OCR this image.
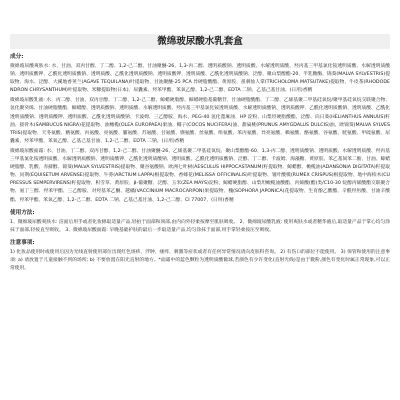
微绵玻尿酸水乳套盒
成分:

微绵玻尿酸爽肤水: 水、甘油、双丙甘醇、丁二醇、1,2-己二醇、甘油聚醚-26、1,3-丙二醇、透明质酸钠、透明质酸、水解透明质酸、羟丙基三甲基氯化铵透明质酸、水解透明质酸钠、透明质酸钾、乙酰化透明质酸钠、透明质酸、乙酰化透明质酸钠、透明质酸钾、透明质酸、乙酰化透明质酸钠、泛醇、聚山梨醇酯-20、半乳糖酶、锦葵(MALVA SYLVESTRIS)提取物、海水、泛醇、大溪地香荚兰(AGAVE TEQUILANA)叶提取物、甘油聚醚-25 PCA 异硬脂酸酯、黄原胶、扭刺仙人掌(TRICHOLOMA MATSUTAKE)提取物、牛皮茶(RHODODENDRON CHRYSANTHUM)叶提取物、米糠提取物(日本)、尿囊素、羟苯甲酯、苯氧乙醇、1,2-己二醇、EDTA 二钠、乙基己基甘油、(日用)香精

微绵玻尿酸乳液: 水、丙二醇、甘油、双丙甘醇、丁二醇、1,2-己二醇、鲸蜡硬脂醇、鲸蜡硬脂基葡糖苷、甘油硬脂酸酯、丁二醇、乙烯基聚二甲基硅氧烷/聚甲基硅氧烷交联聚合物、氢化聚癸烯、甘油硬脂酸酯、鲸蜡醇、透明质酸钠、透明质酸、水解透明质酸、羟丙基三甲基氯化铵透明质酸、水解透明质酸钠、透明质酸钾、乙酰化透明质酸钠、透明质酸、乙酰化透明质酸钠、透明质酸钾、透明质酸、乙酰化透明质酸钠、卡波姆、三乙醇胺、海水、PEG-40 氢化蓖麻油、HP 淀粉、山梨坦硬脂酸酯、泛醇、向日葵(HELIANTHUS ANNUUS)籽油、接骨木(SAMBUCUS NIGRA)花提取物、油橄榄(OLEA EUROPAEA)果油、椰子(COCOS NUCIFERA)油、甜扁桃(PRUNUS AMYGDALUS DULCIS)油、欧锦葵(MALVA SYLVESTRIS)提取物、天冬氨酸、精氨酸、丙氨酸、亮氨酸、脯氨酸、苏氨酸、甘氨酸、缬氨酸、丝氨酸、组氨酸、苯丙氨酸、异亮氨酸、赖氨酸、酪氨酸、谷氨酸、胱氨酸、甲硫氨酸、尿囊素、羟苯甲酯、苯氧乙醇、乙基己基甘油、1,2-己二醇、EDTA 二钠、(日用)香精

微绵玻尿酸面霜: 水、甘油、丁二醇、双丙甘醇、1,2-己二醇、甘油聚醚-26、乙烯基聚二甲基硅氧烷、聚山梨醇酯-60、1,3-丙二醇、透明质酸钠、透明质酸、水解透明质酸、羟丙基三甲基氯化铵透明质酸、水解透明质酸钠、透明质酸钾、乙酰化透明质酸钠、透明质酸、乙酰化透明质酸钠、泛醇、丁二醇、卡波姆、海藻糖、黄原胶、苯乙基间苯二酚、甘油、鲸蜡硬脂醇、乳酸、赤藓醇、锦葵(MALVA SYLVESTRIS)提取物、聚谷氨酸钠、欧洲七叶树(AESCULUS HIPPOCASTANUM)籽提取物、鲸蜡醇、橄榄油(ADANSONIA DIGITATA)籽提取物、问荆(EQUISETUM ARVENSE)提取物、牛蒡(ARCTIUM LAPPA)根提取物、香蜂花(MELISSA OFFICINALIS)叶提取物、皱叶酸模(RUMEX CRISPUS)根提取物、地中海柏木(CUPRESSUS SEMPERVIRENS)籽提取物、积雪草、黄原胶、β-葡聚糖、泛醇、玉米(ZEA MAYS)淀粉、鲸蜡硬脂醇、山梨坦橄榄油酸酯、丙烯酸(酯)类/C10-30 烷醇丙烯酸酯交联聚合物、氨丁三醇、羟苯甲酯、三乙醇胺、对羟基苯乙酮、越橘(VACCINIUM MACROCARPON)果提取物、槐(SOPHORA JAPONICA)花提取物、生育酚乙酸酯、辛酰羟肟酸、甘油辛酸酯、羟苯甲酯、苯氧乙醇、1,2-己二醇、EDTA 二钠、乙基己基甘油、1,2-己二醇、CI 77007、(日用)香精

使用方法:

1、微绵玻尿酸爽肤水: 洁面后用手或者化妆棉取适量产品,轻拍于面部和颈部,由内向外轻柔按摩至肌肤吸收。 2、微绵玻尿酸乳液: 使用爽肤水或者精华液后,取适量产品于掌心均匀涂抹于面部,轻按直至吸收。 3、微绵玻尿酸面霜: 早晚基础护肤的最后一步取适量产品,均匀涂抹于面部,用手掌轻柔按压至吸收。

注意事项:

1) 化妆品使用时或使用后因为光线直射使用部位出现红色斑疹、浮肿、瘙痒、刺激等症状或者有任何异常情况请向皮肤科咨询。 2) 有伤口的部位不能使用。 3) 保管和使用的注意事项: a) 请放置于儿童接触不到的场所; b) 不要放置在阳光直射的地方。*面霜中的蓝色颗粒为透明质酸微球,若颜色有少许变化(直射光线)是由于微粉,颜色有变化时属正常现象,可以正常使用。
